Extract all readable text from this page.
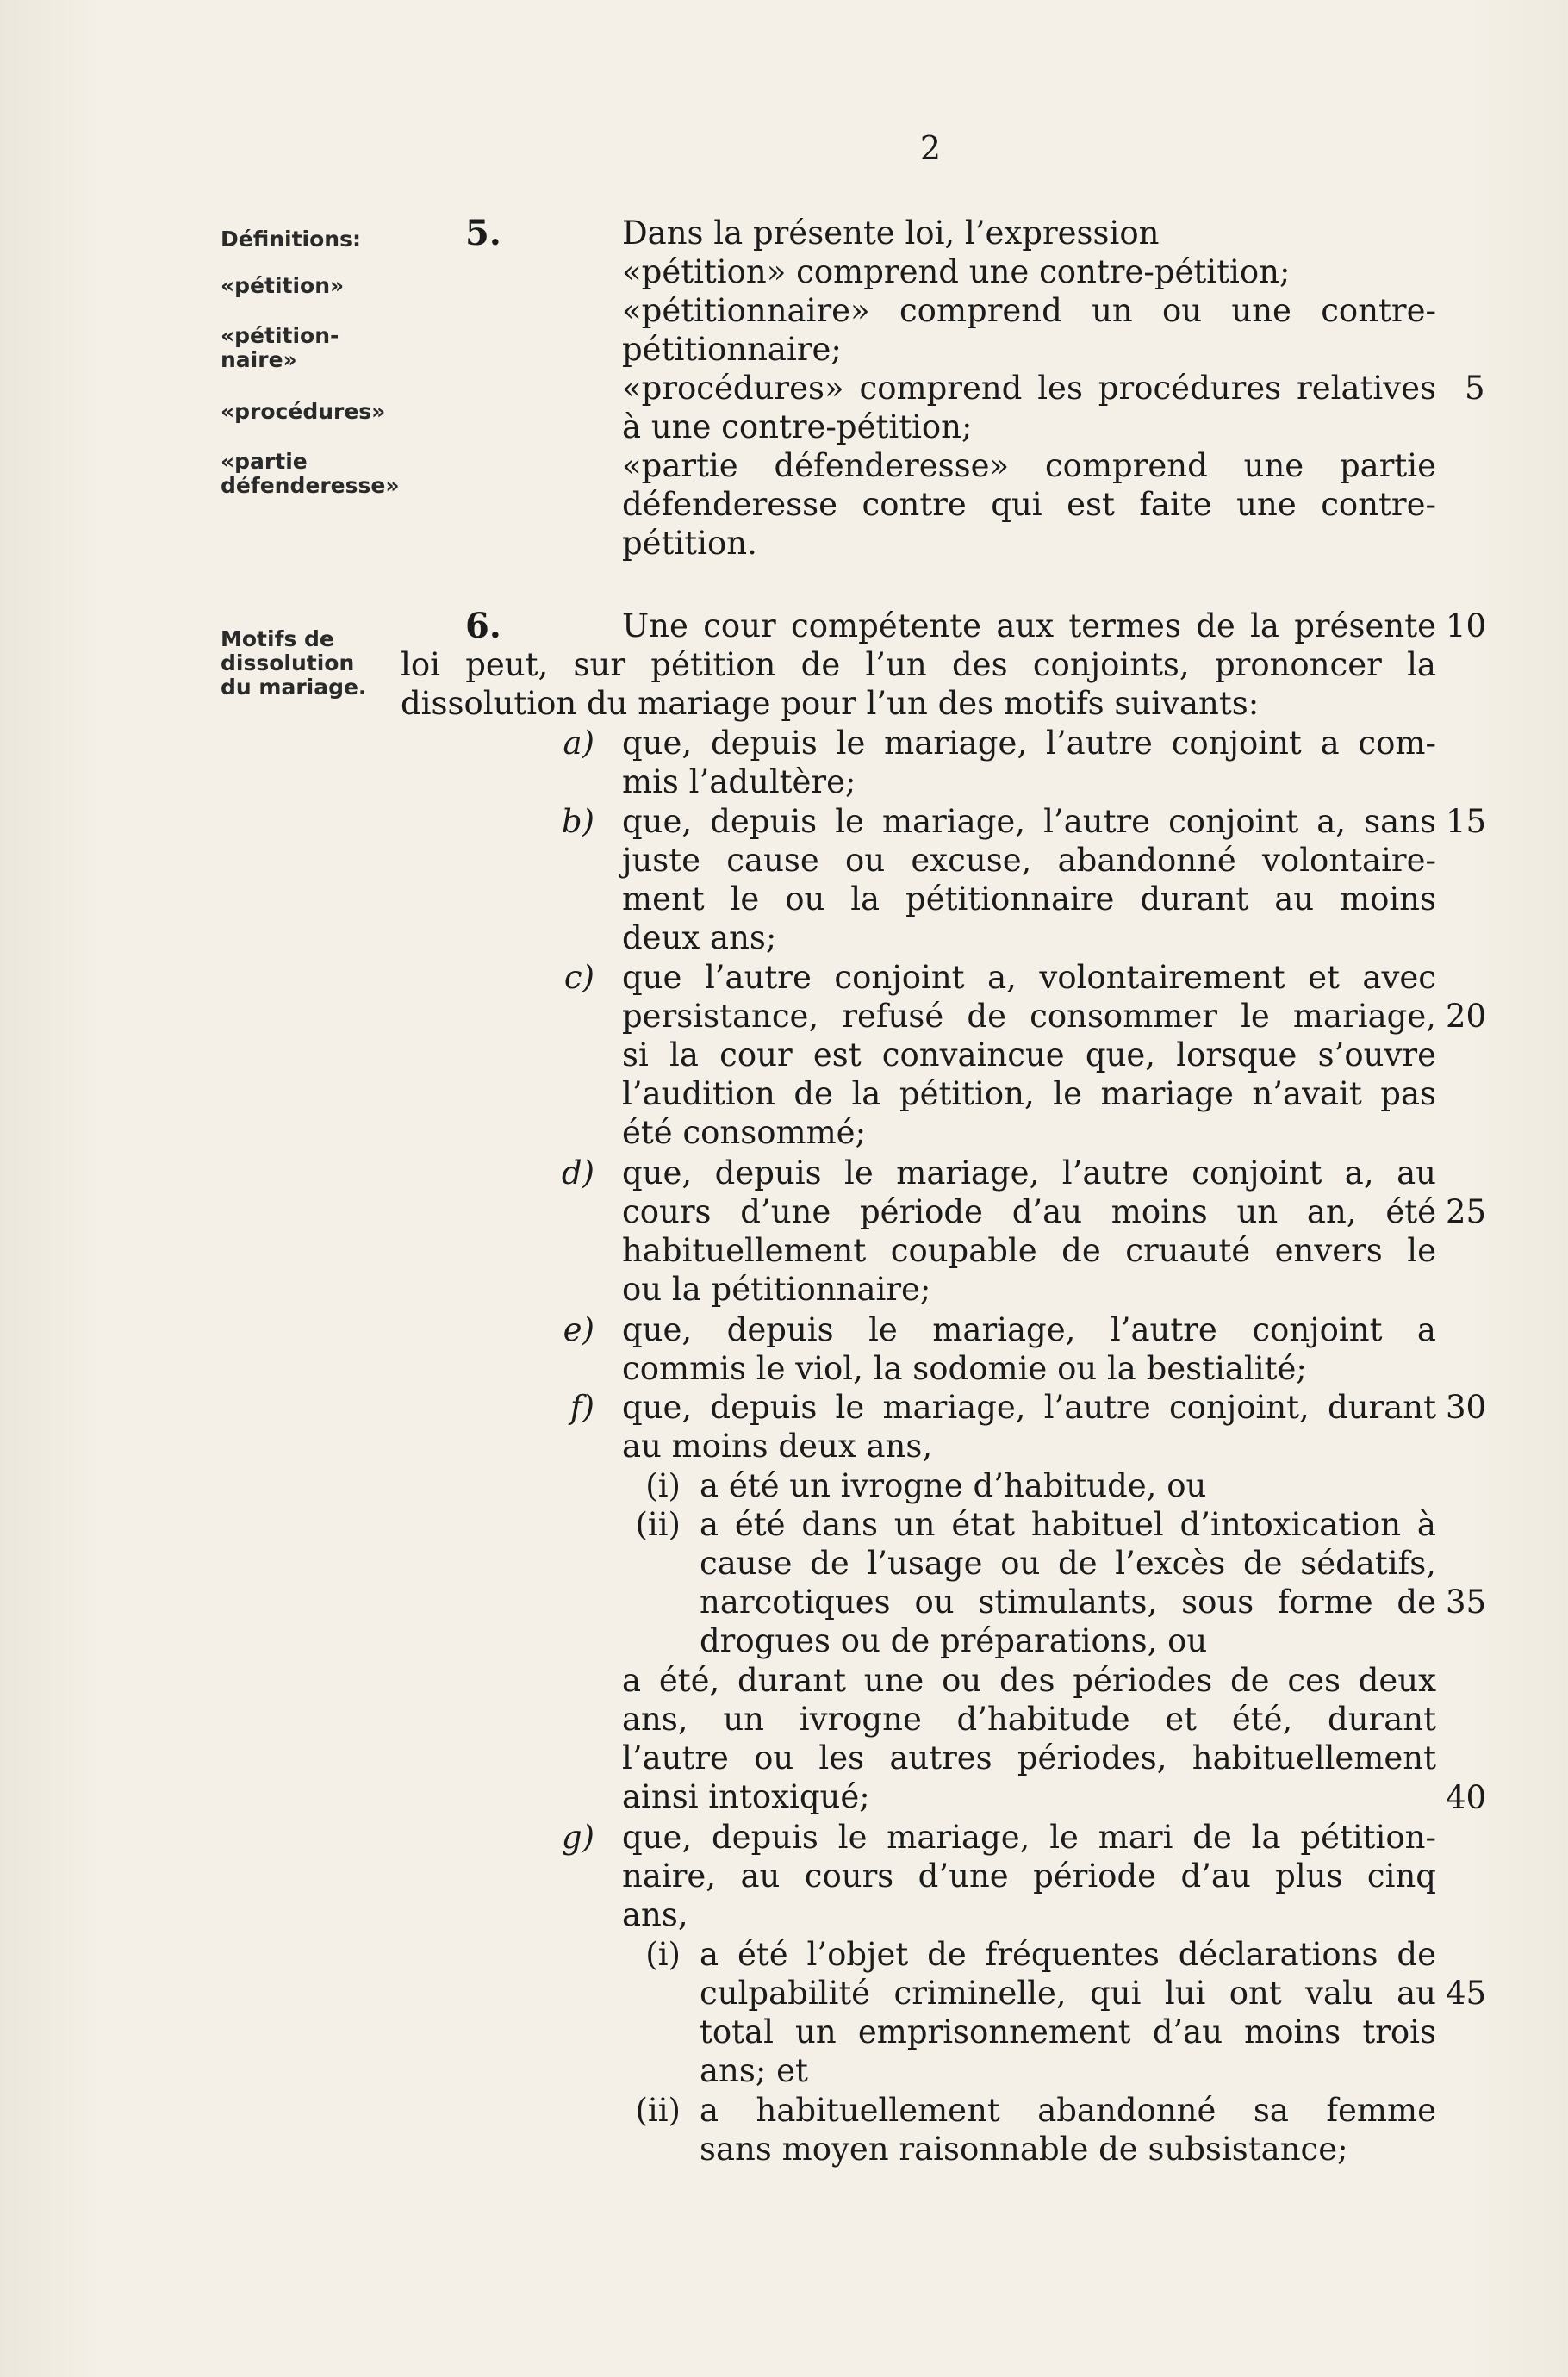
2
Définitions:
«pétition»
«pétition-
naire»
«procédures»
«partie
défenderesse»
Motifs de
dissolution
du mariage.
5.	Dans la présente loi, l’expression
«pétition» comprend une contre-pétition;
«pétitionnaire» comprend un ou une contre-
pétitionnaire;
«procédures» comprend les procédures relatives
à une contre-pétition;
«partie défenderesse» comprend une partie
défenderesse contre qui est faite une contre-
pétition.
6.	Une cour compétente aux termes de la présente
loi peut, sur pétition de l’un des conjoints, prononcer la
dissolution du mariage pour l’un des motifs suivants:
a) que, depuis le mariage, l’autre conjoint a com-
mis l’adultère;
b) que, depuis le mariage, l’autre conjoint a, sans
juste cause ou excuse, abandonné volontaire-
ment le ou la pétitionnaire durant au moins
deux ans;
c) que l’autre conjoint a, volontairement et avec
persistance, refusé de consommer le mariage,
si la cour est convaincue que, lorsque s’ouvre
l’audition de la pétition, le mariage n’avait pas
été consommé;
d) que, depuis le mariage, l’autre conjoint a, au
cours d’une période d’au moins un an, été
habituellement coupable de cruauté envers le
ou la pétitionnaire;
e) que, depuis le mariage, l’autre conjoint a
commis le viol, la sodomie ou la bestialité;
f) que, depuis le mariage, l’autre conjoint, durant
au moins deux ans,
(i) a été un ivrogne d’habitude, ou
(ii) a été dans un état habituel d’intoxication à
cause de l’usage ou de l’excès de sédatifs,
narcotiques ou stimulants, sous forme de
drogues ou de préparations, ou
a été, durant une ou des périodes de ces deux
ans, un ivrogne d’habitude et été, durant
l’autre ou les autres périodes, habituellement
ainsi intoxiqué;
g) que, depuis le mariage, le mari de la pétition-
naire, au cours d’une période d’au plus cinq
ans,
(i) a été l’objet de fréquentes déclarations de
culpabilité criminelle, qui lui ont valu au
total un emprisonnement d’au moins trois
ans; et
(ii) a habituellement abandonné sa femme
sans moyen raisonnable de subsistance;
5
10
15
20
25
30
35
40
45
